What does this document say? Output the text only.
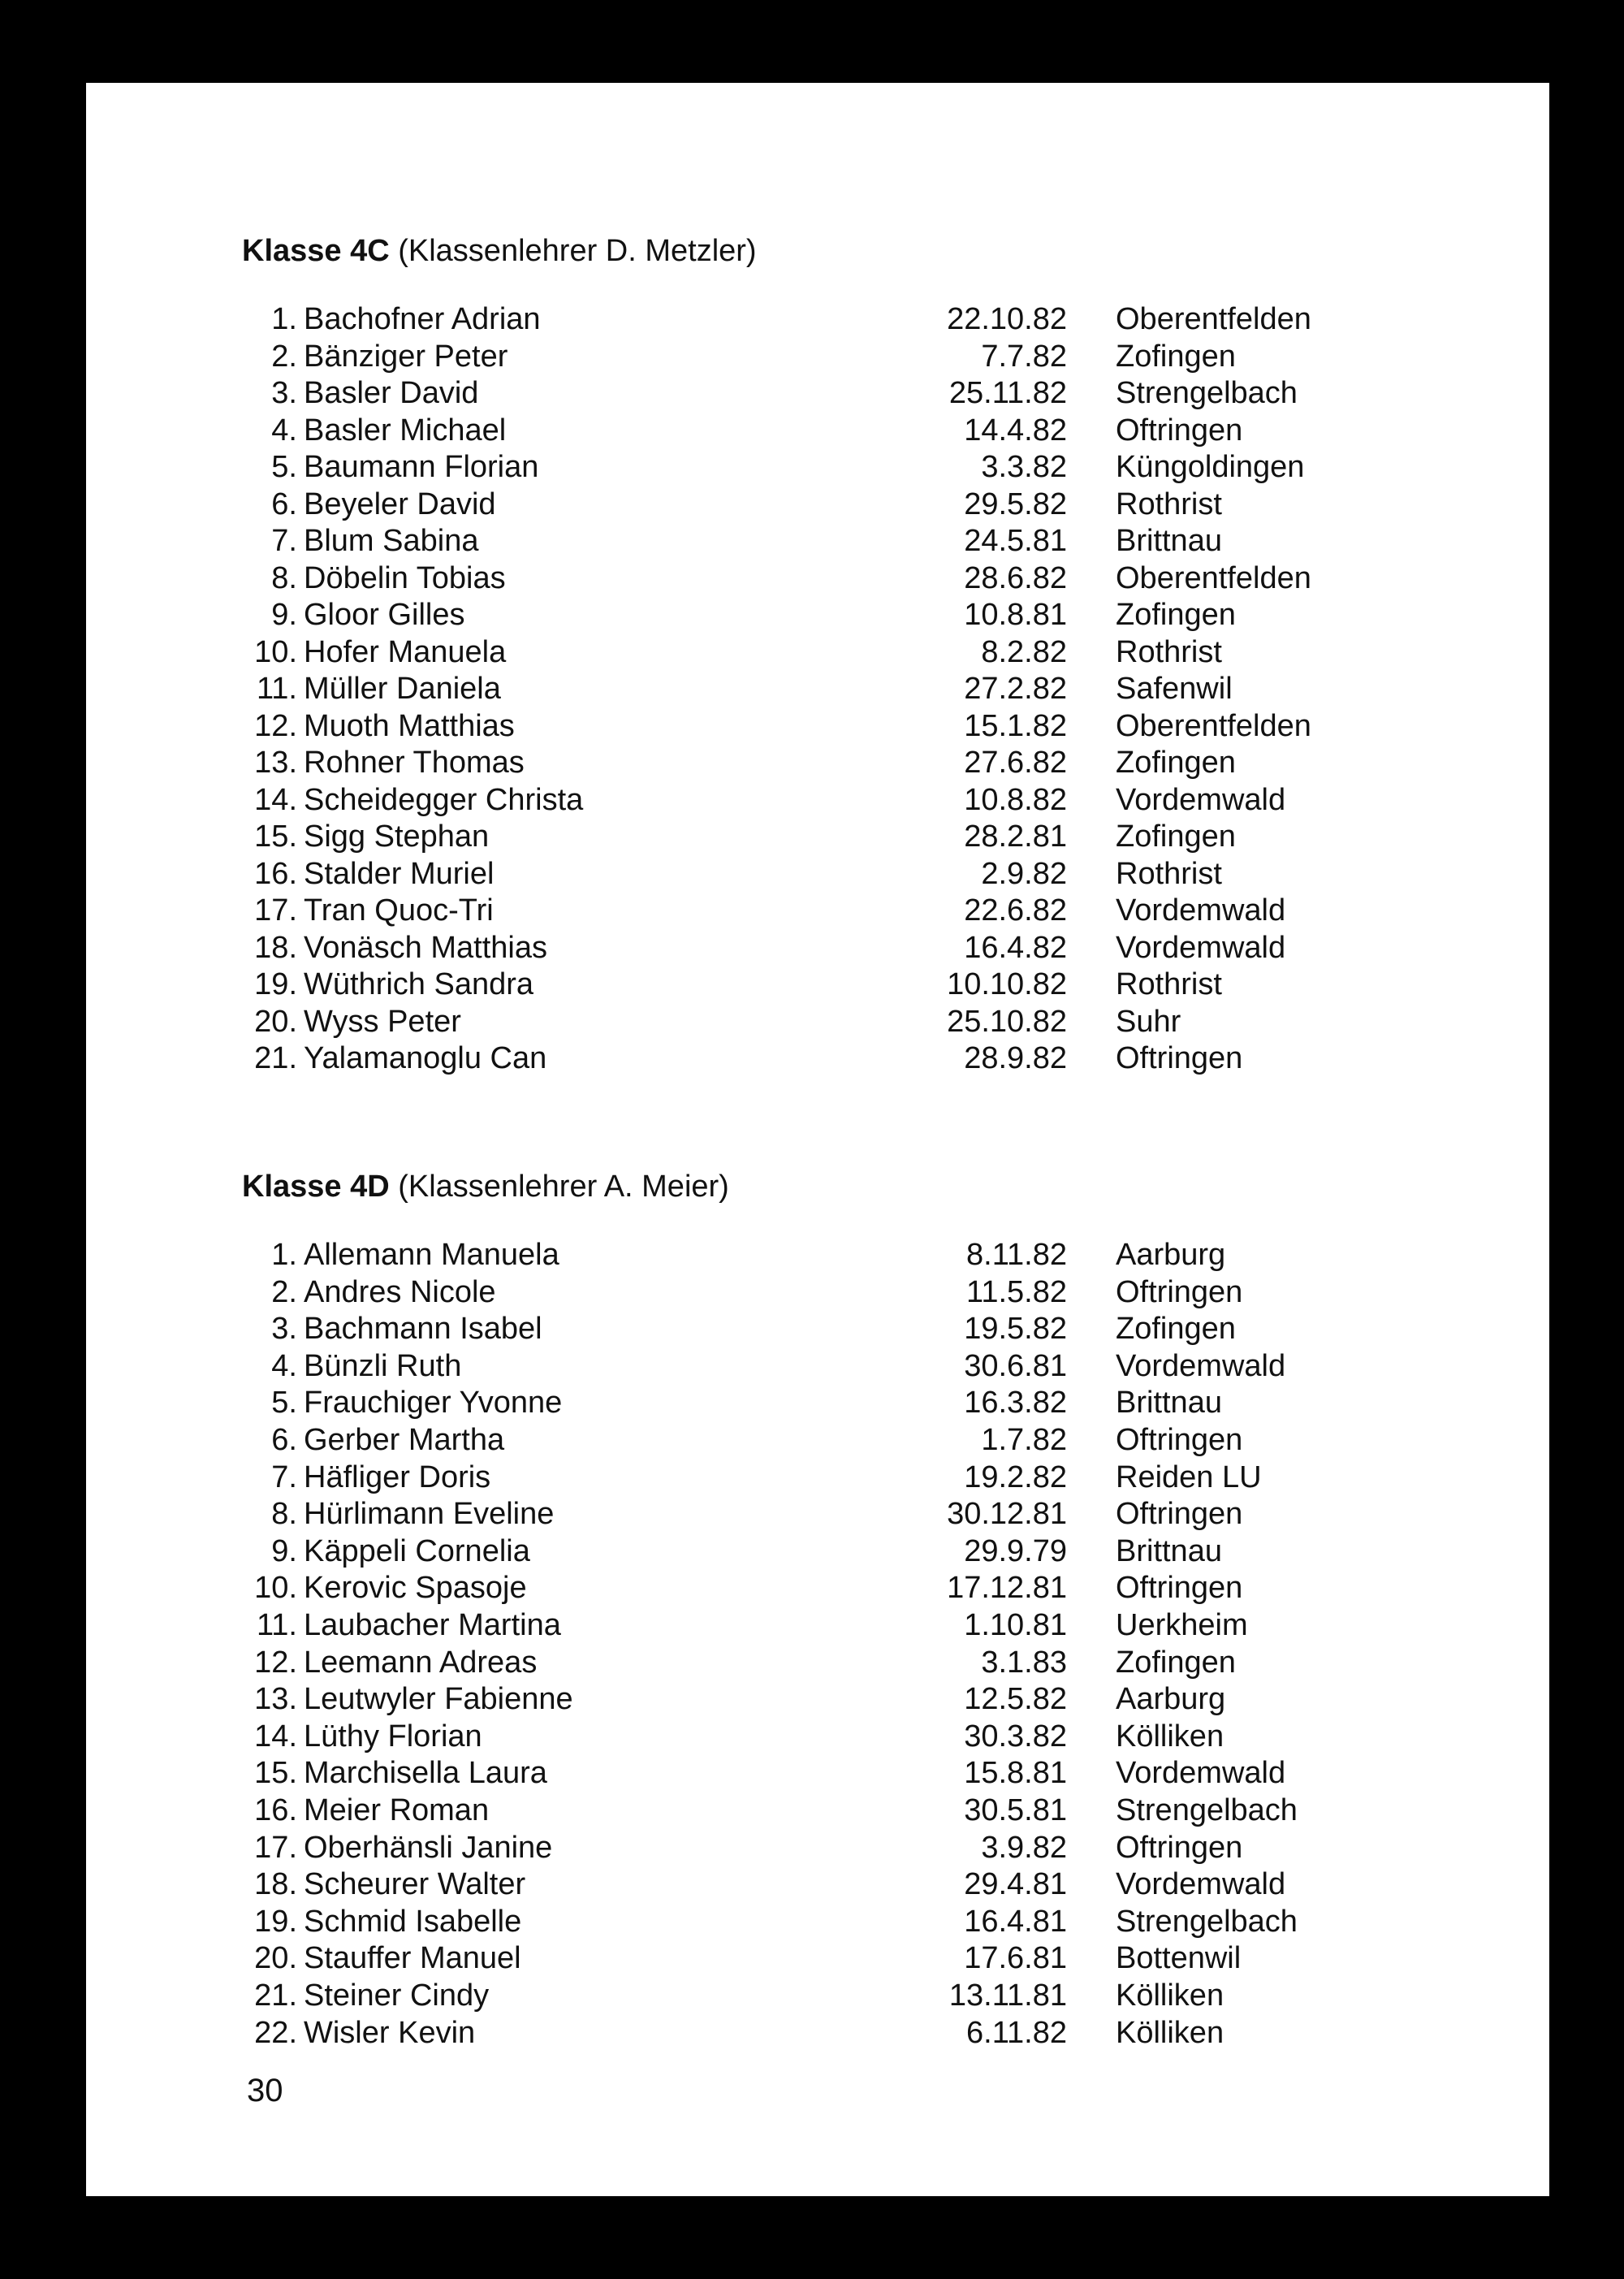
Klasse 4C (Klassenlehrer D. Metzler)
1. Bachofner Adrian	22.10.82 Oberentfelden
2. Bänziger Peter	7.7.82 Zofingen
3. Basler David	25.11.82 Strengelbach
4. Basler Michael	14.4.82 Oftringen
5. Baumann Florian	3.3.82 Küngoldingen
6. Beyeler David	29.5.82 Rothrist
7. Blum Sabina	24.5.81 Brittnau
8. Döbelin Tobias	28.6.82 Oberentfelden
9. Gloor Gilles	10.8.81 Zofingen
10. Hofer Manuela	8.2.82 Rothrist
11. Müller Daniela	27.2.82 Safenwil
12. Muoth Matthias	15.1.82 Oberentfelden
13. Rohner Thomas	27.6.82 Zofingen
14. Scheidegger Christa	10.8.82 Vordemwald
15. Sigg Stephan	28.2.81 Zofingen
16. Stalder Muriel	2.9.82 Rothrist
17. Tran Quoc-Tri	22.6.82 Vordemwald
18. Vonäsch Matthias	16.4.82 Vordemwald
19. Wüthrich Sandra	10.10.82 Rothrist
20. Wyss Peter	25.10.82 Suhr
21. Yalamanoglu Can	28.9.82 Oftringen
Klasse 4D (Klassenlehrer A. Meier)
1. Allemann Manuela	8.11.82 Aarburg
2. Andres Nicole	11.5.82 Oftringen
3. Bachmann Isabel	19.5.82 Zofingen
4. Bünzli Ruth	30.6.81 Vordemwald
5. Frauchiger Yvonne	16.3.82 Brittnau
6. Gerber Martha	1.7.82 Oftringen
7. Häfliger Doris	19.2.82 Reiden LU
8. Hürlimann Eveline	30.12.81 Oftringen
9. Käppeli Cornelia	29.9.79 Brittnau
10. Kerovic Spasoje	17.12.81 Oftringen
11. Laubacher Martina	1.10.81 Uerkheim
12. Leemann Adreas	3.1.83 Zofingen
13. Leutwyler Fabienne	12.5.82 Aarburg
14. Lüthy Florian	30.3.82 Kölliken
15. Marchisella Laura	15.8.81 Vordemwald
16. Meier Roman	30.5.81 Strengelbach
17. Oberhänsli Janine	3.9.82 Oftringen
18. Scheurer Walter	29.4.81 Vordemwald
19. Schmid Isabelle	16.4.81 Strengelbach
20. Stauffer Manuel	17.6.81 Bottenwil
21. Steiner Cindy	13.11.81 Kölliken
22. Wisler Kevin	6.11.82 Kölliken
30
